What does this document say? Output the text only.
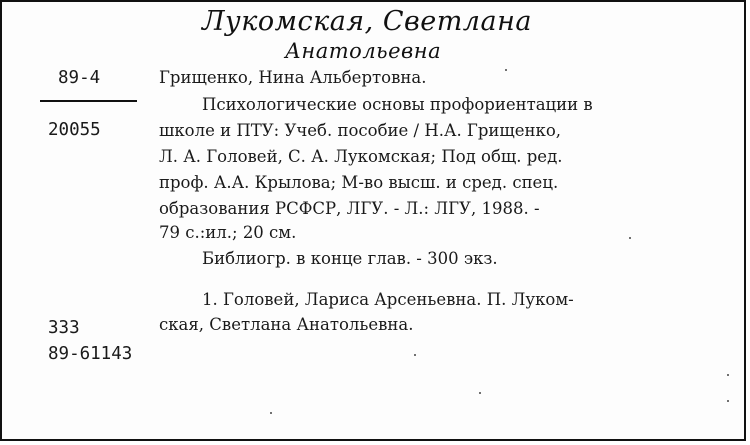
Лукомская, Светлана
Анатольевна
89-4
20055
333
89-61143
Грищенко, Нина Альбертовна.
Психологические основы профориентации в
школе и ПТУ: Учеб. пособие / Н.А. Грищенко,
Л. А. Головей, С. А. Лукомская; Под общ. ред.
проф. А.А. Крылова; М-во высш. и сред. спец.
образования РСФСР, ЛГУ. - Л.: ЛГУ, 1988. -
79 с.:ил.; 20 см.
Библиогр. в конце глав. - 300 экз.
1. Головей, Лариса Арсеньевна. П. Луком-
ская, Светлана Анатольевна.
